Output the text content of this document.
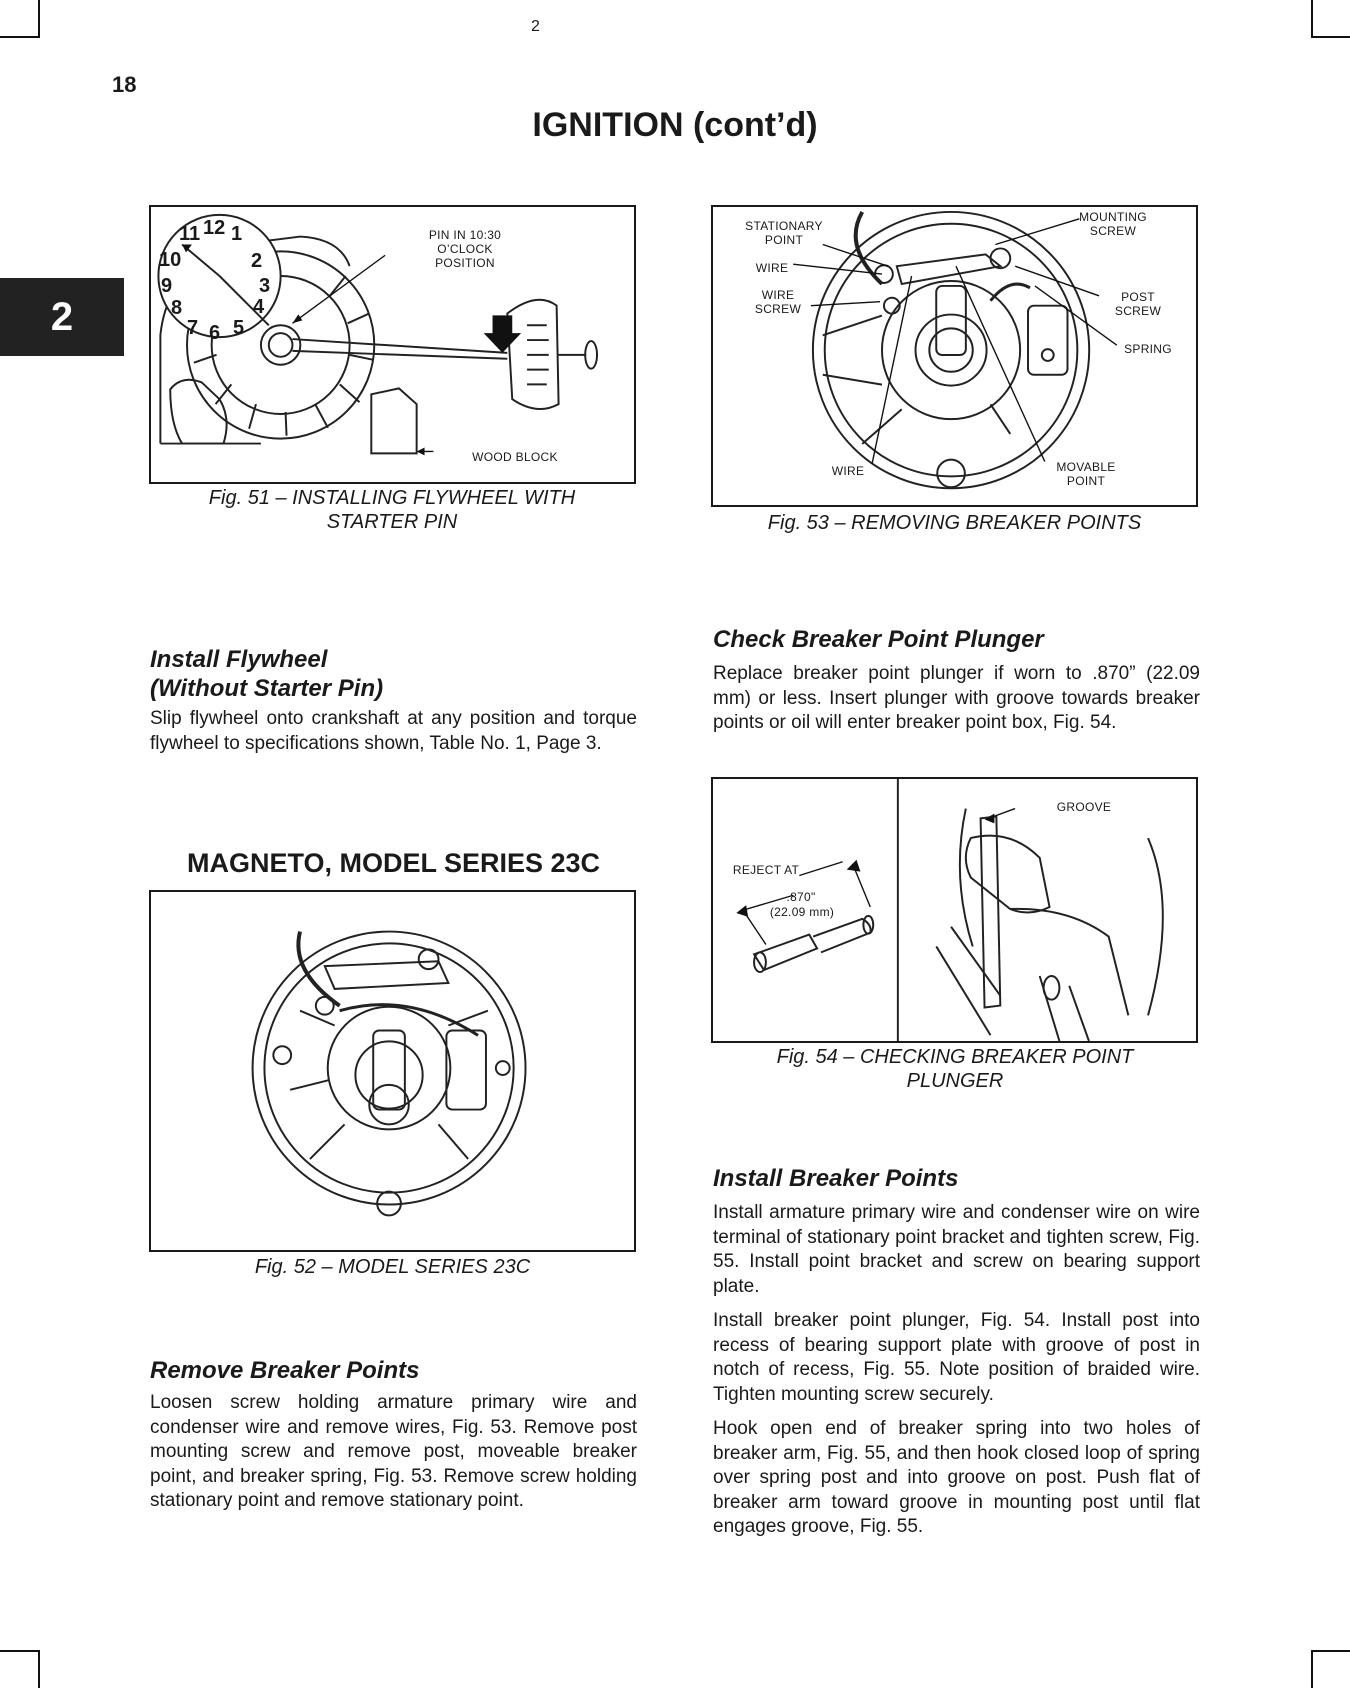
2
18
IGNITION (cont’d)
2
11 12 1
10	2
9	3
8	4
7 6 5
PIN IN 10:30 O’CLOCK POSITION
WOOD BLOCK
Fig. 51 – INSTALLING FLYWHEEL WITH STARTER PIN
STATIONARY POINT
WIRE
WIRE SCREW
MOUNTING SCREW
POST SCREW
SPRING
WIRE	MOVABLE POINT
Fig. 53 – REMOVING BREAKER POINTS
Install Flywheel
(Without Starter Pin)
Slip flywheel onto crankshaft at any position and torque flywheel to specifications shown, Table No. 1, Page 3.
MAGNETO, MODEL SERIES 23C
Fig. 52 – MODEL SERIES 23C
Remove Breaker Points
Loosen screw holding armature primary wire and condenser wire and remove wires, Fig. 53. Remove post mounting screw and remove post, moveable breaker point, and breaker spring, Fig. 53. Remove screw holding stationary point and remove stationary point.
Check Breaker Point Plunger
Replace breaker point plunger if worn to .870” (22.09 mm) or less. Insert plunger with groove towards breaker points or oil will enter breaker point box, Fig. 54.
GROOVE
REJECT AT
.870"
(22.09 mm)
Fig. 54 – CHECKING BREAKER POINT PLUNGER
Install Breaker Points

Install armature primary wire and condenser wire on wire terminal of stationary point bracket and tighten screw, Fig. 55. Install point bracket and screw on bearing support plate.

Install breaker point plunger, Fig. 54. Install post into recess of bearing support plate with groove of post in notch of recess, Fig. 55. Note position of braided wire. Tighten mounting screw securely.

Hook open end of breaker spring into two holes of breaker arm, Fig. 55, and then hook closed loop of spring over spring post and into groove on post. Push flat of breaker arm toward groove in mounting post until flat engages groove, Fig. 55.
